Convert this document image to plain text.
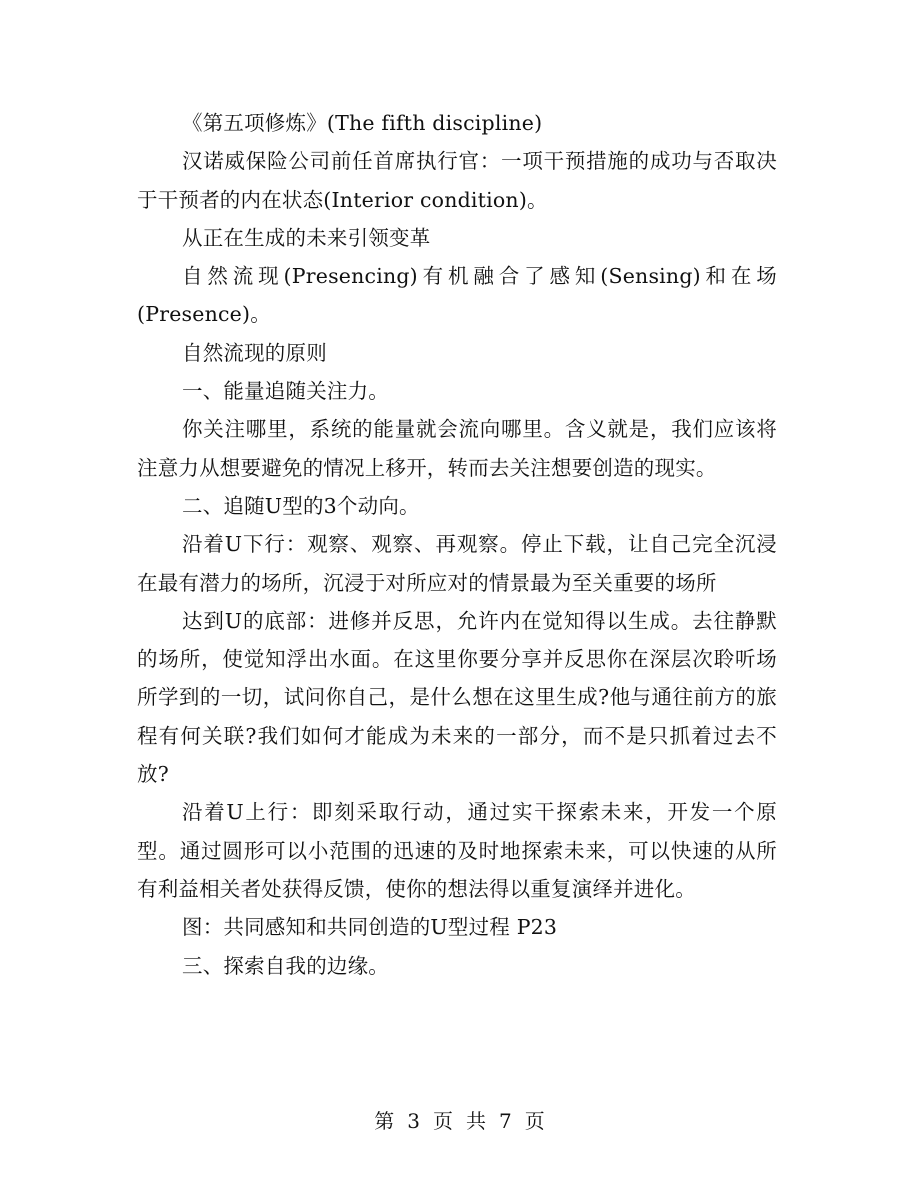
《第五项修炼》(The fifth discipline)

汉诺威保险公司前任首席执行官：一项干预措施的成功与否取决于干预者的内在状态(Interior condition)。

从正在生成的未来引领变革

自然流现(Presencing)有机融合了感知(Sensing)和在场(Presence)。

自然流现的原则

一、能量追随关注力。

你关注哪里，系统的能量就会流向哪里。含义就是，我们应该将注意力从想要避免的情况上移开，转而去关注想要创造的现实。

二、追随U型的3个动向。

沿着U下行：观察、观察、再观察。停止下载，让自己完全沉浸在最有潜力的场所，沉浸于对所应对的情景最为至关重要的场所

达到U的底部：进修并反思，允许内在觉知得以生成。去往静默的场所，使觉知浮出水面。在这里你要分享并反思你在深层次聆听场所学到的一切，试问你自己，是什么想在这里生成?他与通往前方的旅程有何关联?我们如何才能成为未来的一部分，而不是只抓着过去不放?

沿着U上行：即刻采取行动，通过实干探索未来，开发一个原型。通过圆形可以小范围的迅速的及时地探索未来，可以快速的从所有利益相关者处获得反馈，使你的想法得以重复演绎并进化。

图：共同感知和共同创造的U型过程 P23

三、探索自我的边缘。

第 3 页 共 7 页
